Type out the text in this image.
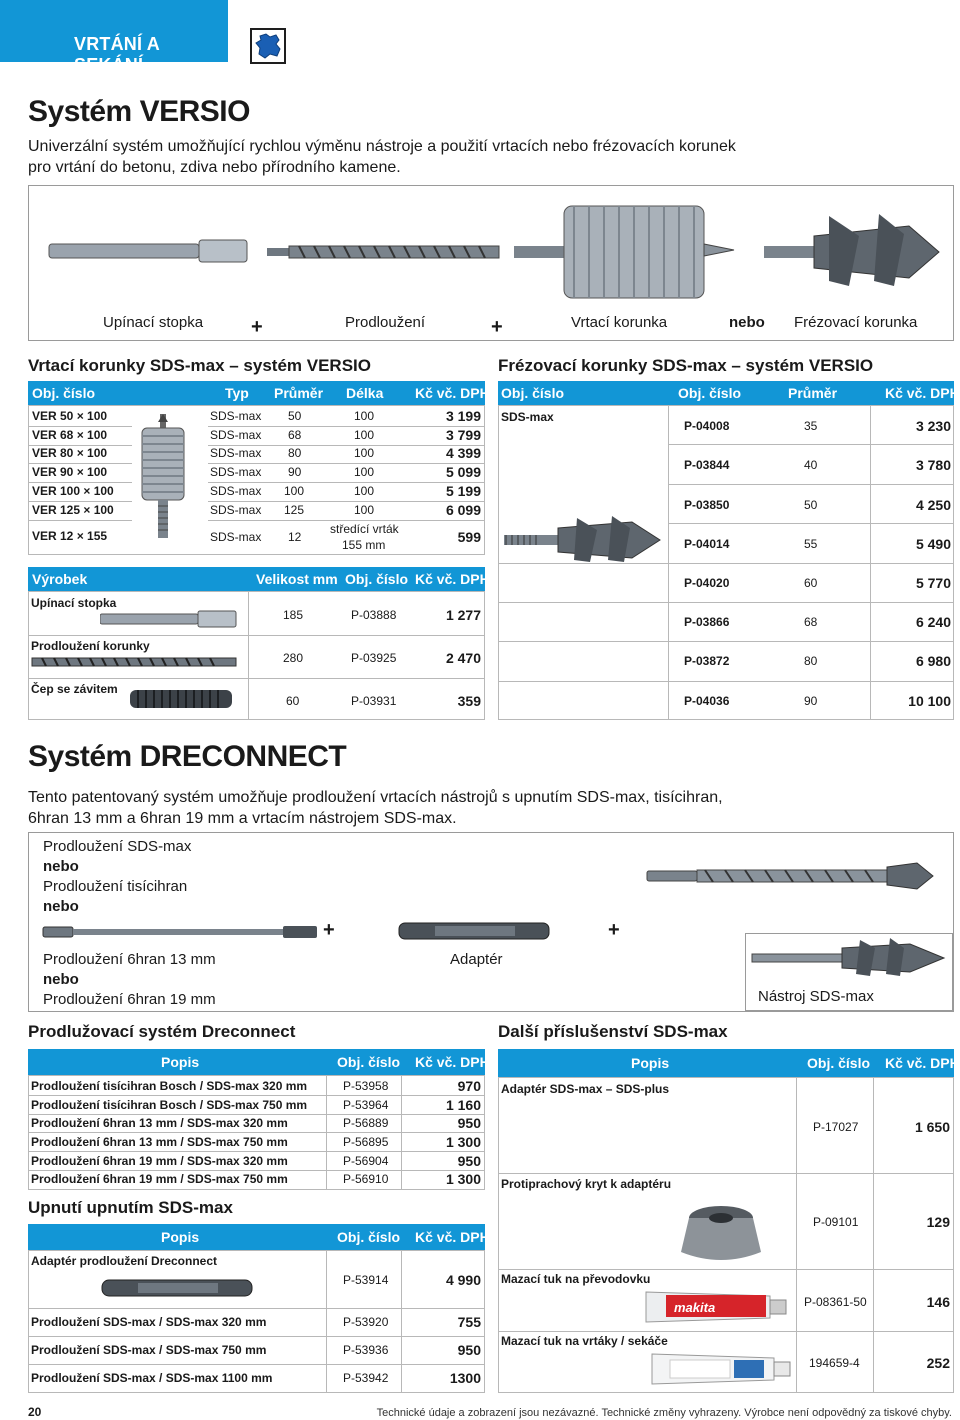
VRTÁNÍ A SEKÁNÍ
Systém VERSIO
Univerzální systém umožňující rychlou výměnu nástroje a použití vrtacích nebo frézovacích korunek
pro vrtání do betonu, zdiva nebo přírodního kamene.
Upínací stopka +	Prodloužení	+	Vrtací korunka	nebo Frézovací korunka
Vrtací korunky SDS-max – systém VERSIO
Obj. číslo	Typ Průměr Délka Kč vč. DPH
VER 50 × 100	SDS-max 50	100	3 199
VER 68 × 100	SDS-max 68	100	3 799
VER 80 × 100	SDS-max 80	100	4 399
VER 90 × 100	SDS-max 90	100	5 099
VER 100 × 100	SDS-max 100	100	5 199
VER 125 × 100	SDS-max 125	100	6 099
VER 12 × 155	SDS-max 12
středící vrták
155 mm	599
Výrobek	Velikost mm Obj. číslo Kč vč. DPH
Upínací stopka
185	P-03888	1 277
Prodloužení korunky
280	P-03925	2 470
Čep se závitem
60	P-03931	359
Frézovací korunky SDS-max – systém VERSIO
Obj. číslo	Obj. číslo	Průměr	Kč vč. DPH
SDS-max
P-04008	35	3 230
P-03844	40	3 780
P-03850	50	4 250
P-04014	55	5 490
P-04020	60	5 770
P-03866	68	6 240
P-03872	80	6 980
P-04036	90	10 100
Systém DRECONNECT
Tento patentovaný systém umožňuje prodloužení vrtacích nástrojů s upnutím SDS-max, tisícihran,
6hran 13 mm a 6hran 19 mm a vrtacím nástrojem SDS-max.
Prodloužení SDS-max
nebo
Prodloužení tisícihran
nebo
Prodloužení 6hran 13 mm
nebo
Prodloužení 6hran 19 mm
+
Adaptér
+
Nástroj SDS-max
Prodlužovací systém Dreconnect
Popis	Obj. číslo Kč vč. DPH
Prodloužení tisícihran Bosch / SDS-max 320 mm	P-53958	970
Prodloužení tisícihran Bosch / SDS-max 750 mm	P-53964	1 160
Prodloužení 6hran 13 mm / SDS-max 320 mm	P-56889	950
Prodloužení 6hran 13 mm / SDS-max 750 mm	P-56895	1 300
Prodloužení 6hran 19 mm / SDS-max 320 mm	P-56904	950
Prodloužení 6hran 19 mm / SDS-max 750 mm	P-56910	1 300
Upnutí upnutím SDS-max
Popis	Obj. číslo Kč vč. DPH
Adaptér prodloužení Dreconnect
P-53914	4 990
Prodloužení SDS-max / SDS-max 320 mm	P-53920	755
Prodloužení SDS-max / SDS-max 750 mm	P-53936	950
Prodloužení SDS-max / SDS-max 1100 mm	P-53942	1300
Další příslušenství SDS-max
Popis	Obj. číslo Kč vč. DPH
Adaptér SDS-max – SDS-plus
P-17027	1 650
Protiprachový kryt k adaptéru
P-09101	129
Mazací tuk na převodovku
P-08361-50	146
makita
Mazací tuk na vrtáky / sekáče
194659-4	252
20	Technické údaje a zobrazení jsou nezávazné. Technické změny vyhrazeny. Výrobce není odpovědný za tiskové chyby.
